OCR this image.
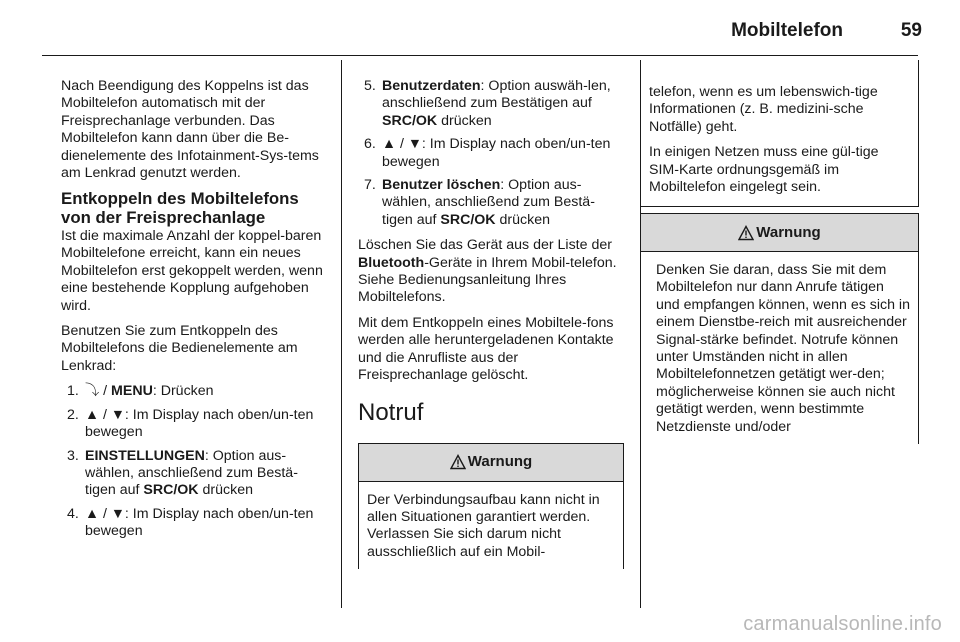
Mobiltelefon	59

Nach Beendigung des Koppelns ist das Mobiltelefon automatisch mit der Freisprechanlage verbunden. Das Mobiltelefon kann dann über die Be-dienelemente des Infotainment-Sys-tems am Lenkrad genutzt werden.

Entkoppeln des Mobiltelefons von der Freisprechanlage

Ist die maximale Anzahl der koppel-baren Mobiltelefone erreicht, kann ein neues Mobiltelefon erst gekoppelt werden, wenn eine bestehende Kopplung aufgehoben wird.

Benutzen Sie zum Entkoppeln des Mobiltelefons die Bedienelemente am Lenkrad:

1. ⤵ / MENU: Drücken
2. ▲ / ▼: Im Display nach oben/un-ten bewegen
3. EINSTELLUNGEN: Option aus-wählen, anschließend zum Bestä-tigen auf SRC/OK drücken
4. ▲ / ▼: Im Display nach oben/un-ten bewegen
5. Benutzerdaten: Option auswäh-len, anschließend zum Bestätigen auf SRC/OK drücken
6. ▲ / ▼: Im Display nach oben/un-ten bewegen
7. Benutzer löschen: Option aus-wählen, anschließend zum Bestä-tigen auf SRC/OK drücken

Löschen Sie das Gerät aus der Liste der Bluetooth-Geräte in Ihrem Mobil-telefon. Siehe Bedienungsanleitung Ihres Mobiltelefons.

Mit dem Entkoppeln eines Mobiltele-fons werden alle heruntergeladenen Kontakte und die Anrufliste aus der Freisprechanlage gelöscht.

Notruf
Warnung
Der Verbindungsaufbau kann nicht in allen Situationen garantiert werden. Verlassen Sie sich darum nicht ausschließlich auf ein Mobil-

telefon, wenn es um lebenswich-tige Informationen (z. B. medizini-sche Notfälle) geht.

In einigen Netzen muss eine gül-tige SIM-Karte ordnungsgemäß im Mobiltelefon eingelegt sein.

Warnung
Denken Sie daran, dass Sie mit dem Mobiltelefon nur dann Anrufe tätigen und empfangen können, wenn es sich in einem Dienstbe-reich mit ausreichender Signal-stärke befindet. Notrufe können unter Umständen nicht in allen Mobiltelefonnetzen getätigt wer-den; möglicherweise können sie auch nicht getätigt werden, wenn bestimmte Netzdienste und/oder
carmanualsonline.info
